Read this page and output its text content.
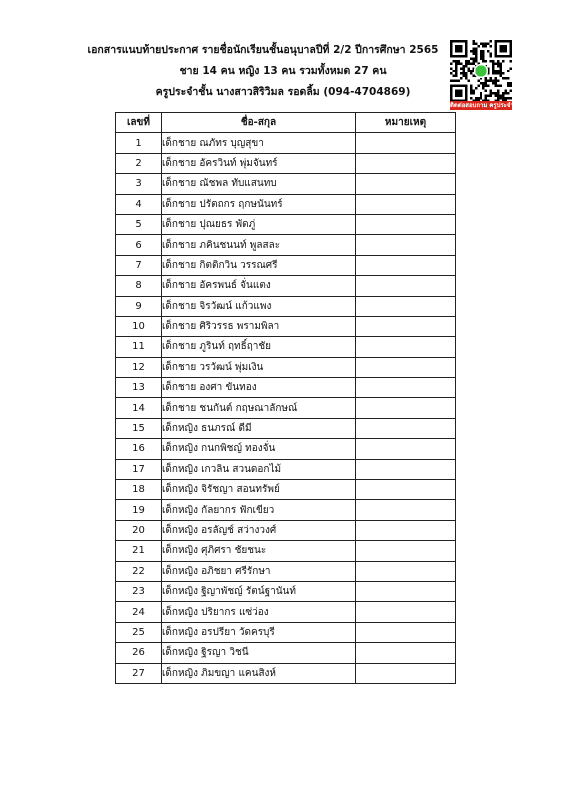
เอกสารแนบท้ายประกาศ รายชื่อนักเรียนชั้นอนุบาลปีที่ 2/2 ปีการศึกษา 2565
ชาย 14 คน หญิง 13 คน รวมทั้งหมด 27 คน
ครูประจำชั้น นางสาวสิริวิมล รอดลิ้ม (094-4704869)
ติดต่อสอบถาม ครูประจำชั้น
เลขที่	ชื่อ-สกุล	หมายเหตุ
1	เด็กชาย ณภัทร บุญสุขา	
2	เด็กชาย อัครวินท์ พุ่มจันทร์	
3	เด็กชาย ณัชพล ทับแสนทบ	
4	เด็กชาย ปรัตถกร ฤกษนันทร์	
5	เด็กชาย ปุณยธร พัดภู่	
6	เด็กชาย ภคินชนนท์ พูลสละ	
7	เด็กชาย กิตติกวิน วรรณศรี	
8	เด็กชาย อัครพนธ์ จั่นแตง	
9	เด็กชาย จิรวัฒน์ แก้วแพง	
10	เด็กชาย ศิริวรรธ พรามพิลา	
11	เด็กชาย ภูรินท์ ฤทธิ์ฤาชัย	
12	เด็กชาย วรวัฒน์ พุ่มเงิน	
13	เด็กชาย องศา ขันทอง	
14	เด็กชาย ชนกันต์ กฤษณาลักษณ์	
15	เด็กหญิง ธนภรณ์ ดีมี	
16	เด็กหญิง กนกพิชญ์ ทองจั่น	
17	เด็กหญิง เกวลิน สวนดอกไม้	
18	เด็กหญิง จิรัชญา สอนทรัพย์	
19	เด็กหญิง กัลยากร ฟักเขียว	
20	เด็กหญิง อรลัญช์ สว่างวงศ์	
21	เด็กหญิง ศุภิศรา ชัยชนะ	
22	เด็กหญิง อภิชยา ศรีรักษา	
23	เด็กหญิง ฐิญาพัชญ์ รัตน์ฐานันท์	
24	เด็กหญิง ปริยากร แซ่ว่อง	
25	เด็กหญิง อรปรียา วัดครบุรี	
26	เด็กหญิง ฐิรญา วิชนี	
27	เด็กหญิง ภิมขญา แคนสิงห์	
